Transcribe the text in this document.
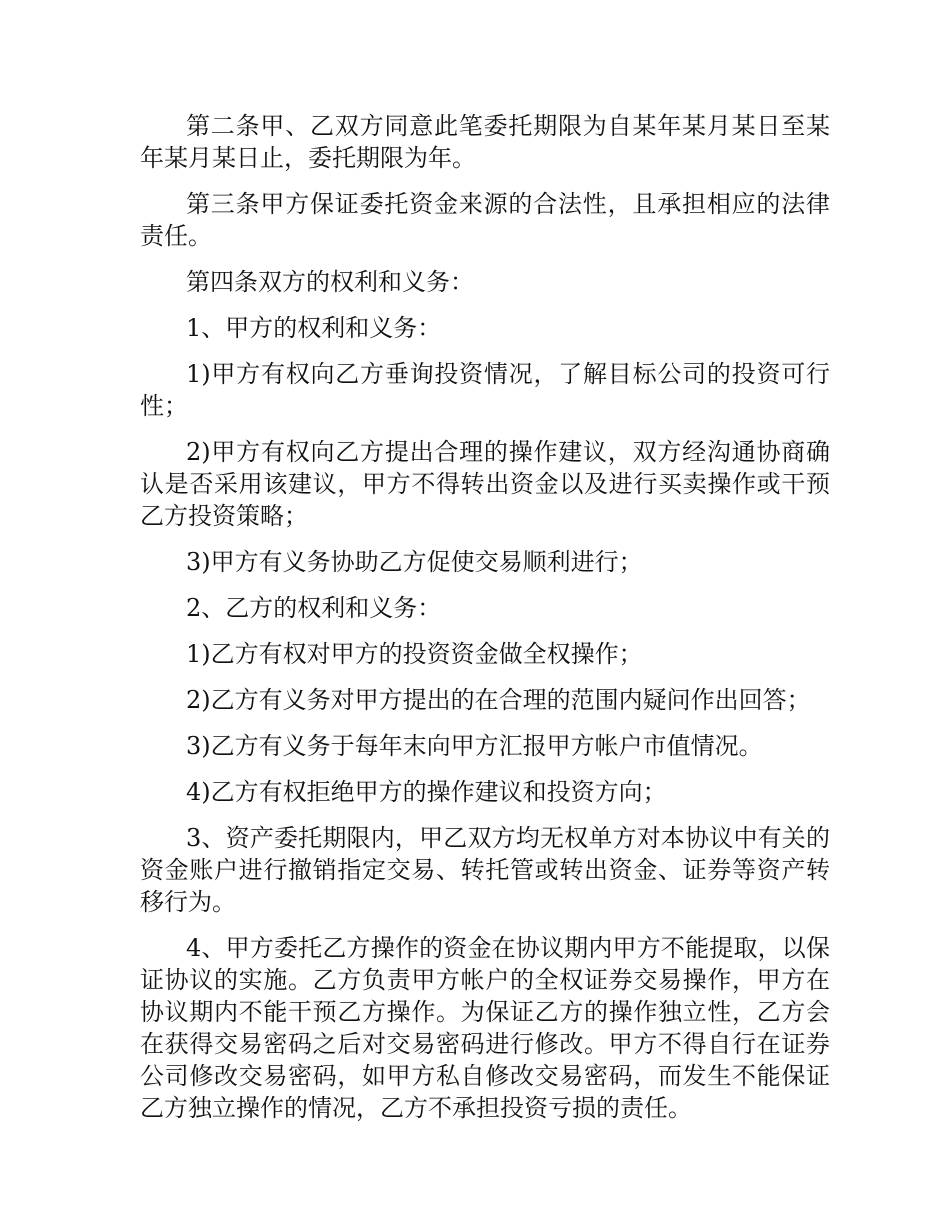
第二条甲、乙双方同意此笔委托期限为自某年某月某日至某年某月某日止，委托期限为年。

第三条甲方保证委托资金来源的合法性，且承担相应的法律责任。

第四条双方的权利和义务：

1、甲方的权利和义务：

1)甲方有权向乙方垂询投资情况，了解目标公司的投资可行性；

2)甲方有权向乙方提出合理的操作建议，双方经沟通协商确认是否采用该建议，甲方不得转出资金以及进行买卖操作或干预乙方投资策略；

3)甲方有义务协助乙方促使交易顺利进行；

2、乙方的权利和义务：

1)乙方有权对甲方的投资资金做全权操作；

2)乙方有义务对甲方提出的在合理的范围内疑问作出回答；

3)乙方有义务于每年末向甲方汇报甲方帐户市值情况。

4)乙方有权拒绝甲方的操作建议和投资方向；

3、资产委托期限内，甲乙双方均无权单方对本协议中有关的资金账户进行撤销指定交易、转托管或转出资金、证券等资产转移行为。

4、甲方委托乙方操作的资金在协议期内甲方不能提取，以保证协议的实施。乙方负责甲方帐户的全权证券交易操作，甲方在协议期内不能干预乙方操作。为保证乙方的操作独立性，乙方会在获得交易密码之后对交易密码进行修改。甲方不得自行在证券公司修改交易密码，如甲方私自修改交易密码，而发生不能保证乙方独立操作的情况，乙方不承担投资亏损的责任。
